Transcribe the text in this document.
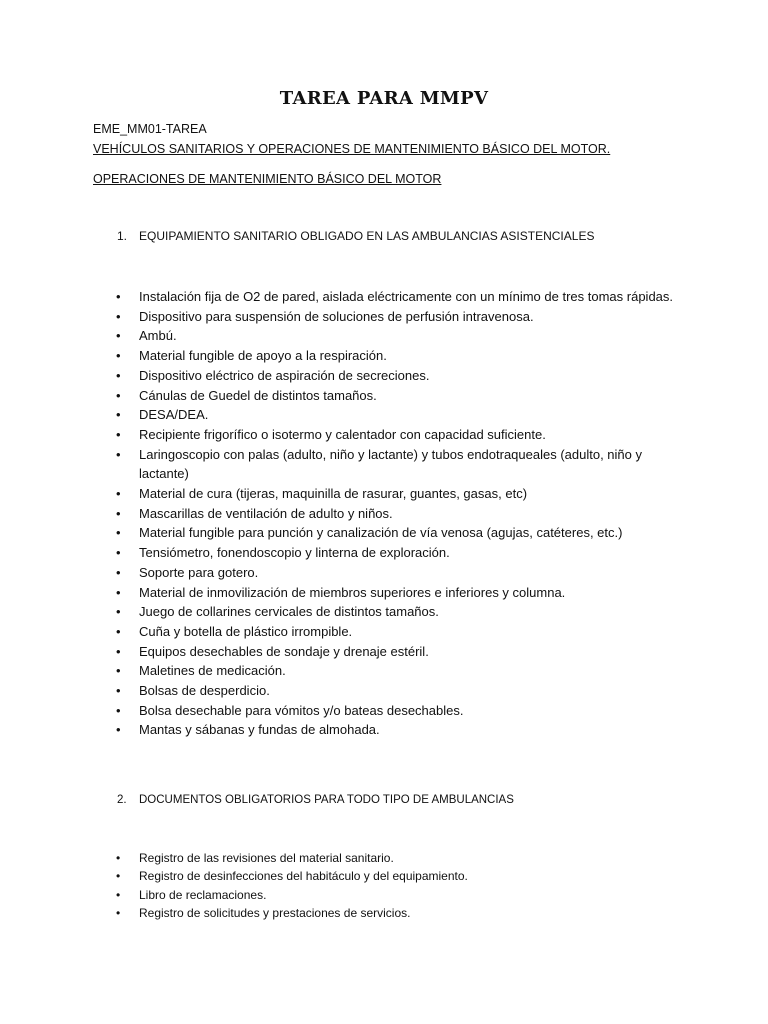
TAREA PARA MMPV
EME_MM01-TAREA
VEHÍCULOS SANITARIOS Y OPERACIONES DE MANTENIMIENTO BÁSICO DEL MOTOR.
OPERACIONES DE MANTENIMIENTO BÁSICO DEL MOTOR
1. EQUIPAMIENTO SANITARIO OBLIGADO EN LAS AMBULANCIAS ASISTENCIALES
• Instalación fija de O2 de pared, aislada eléctricamente con un mínimo de tres tomas rápidas.
• Dispositivo para suspensión de soluciones de perfusión intravenosa.
• Ambú.
• Material fungible de apoyo a la respiración.
• Dispositivo eléctrico de aspiración de secreciones.
• Cánulas de Guedel de distintos tamaños.
• DESA/DEA.
• Recipiente frigorífico o isotermo y calentador con capacidad suficiente.
• Laringoscopio con palas (adulto, niño y lactante) y tubos endotraqueales (adulto, niño y lactante)
• Material de cura (tijeras, maquinilla de rasurar, guantes, gasas, etc)
• Mascarillas de ventilación de adulto y niños.
• Material fungible para punción y canalización de vía venosa (agujas, catéteres, etc.)
• Tensiómetro, fonendoscopio y linterna de exploración.
• Soporte para gotero.
• Material de inmovilización de miembros superiores e inferiores y columna.
• Juego de collarines cervicales de distintos tamaños.
• Cuña y botella de plástico irrompible.
• Equipos desechables de sondaje y drenaje estéril.
• Maletines de medicación.
• Bolsas de desperdicio.
• Bolsa desechable para vómitos y/o bateas desechables.
• Mantas y sábanas y fundas de almohada.
2. DOCUMENTOS OBLIGATORIOS PARA TODO TIPO DE AMBULANCIAS
• Registro de las revisiones del material sanitario.
• Registro de desinfecciones del habitáculo y del equipamiento.
• Libro de reclamaciones.
• Registro de solicitudes y prestaciones de servicios.
